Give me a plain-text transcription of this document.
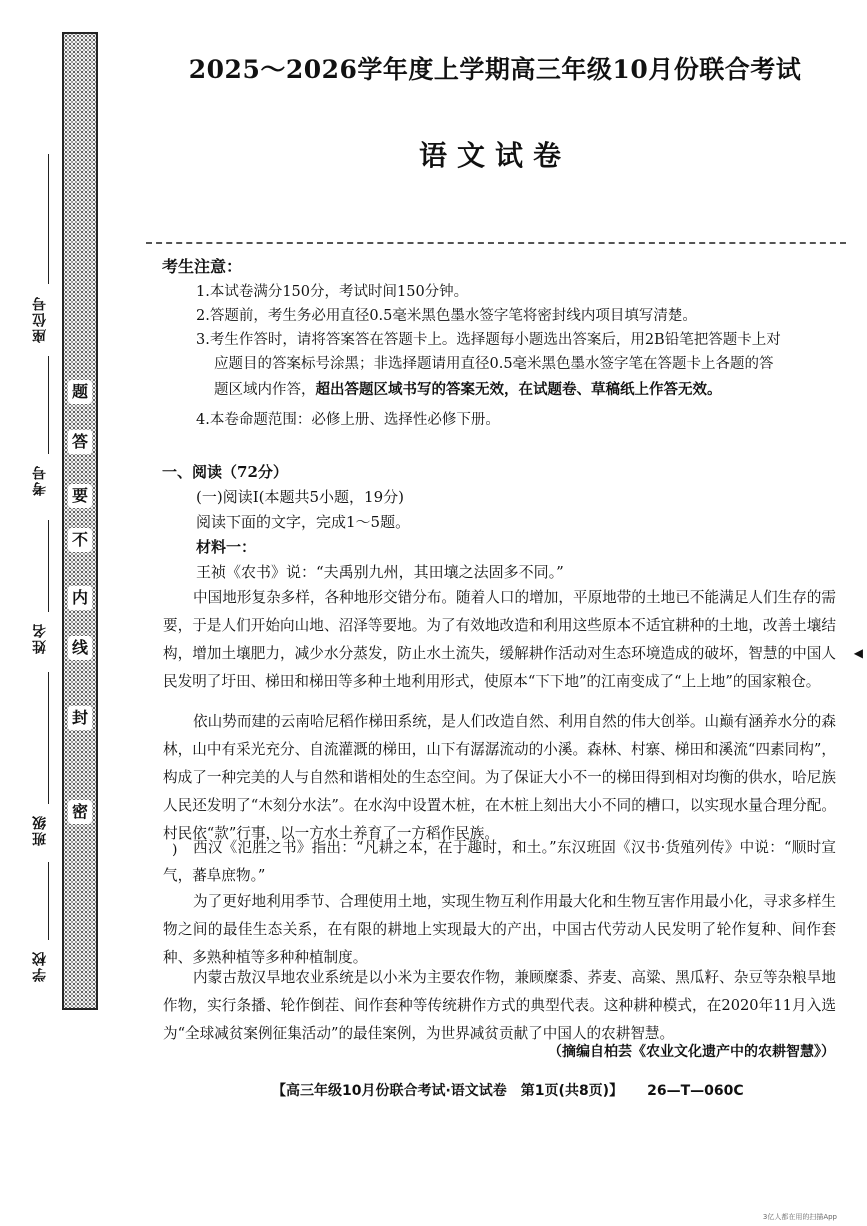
密
封
线
内
不
要
答
题
座位号
考号
姓名
班级
学校
2025～2026学年度上学期高三年级10月份联合考试
语文试卷
考生注意：
1.本试卷满分150分，考试时间150分钟。
2.答题前，考生务必用直径0.5毫米黑色墨水签字笔将密封线内项目填写清楚。
3.考生作答时，请将答案答在答题卡上。选择题每小题选出答案后，用2B铅笔把答题卡上对
应题目的答案标号涂黑；非选择题请用直径0.5毫米黑色墨水签字笔在答题卡上各题的答
题区域内作答，超出答题区域书写的答案无效，在试题卷、草稿纸上作答无效。
4.本卷命题范围：必修上册、选择性必修下册。
一、阅读（72分）
(一)阅读Ⅰ(本题共5小题，19分)
阅读下面的文字，完成1～5题。
材料一：
王祯《农书》说：“夫禹别九州，其田壤之法固多不同。”
中国地形复杂多样，各种地形交错分布。随着人口的增加，平原地带的土地已不能满足人们生存的需要，于是人们开始向山地、沼泽等要地。为了有效地改造和利用这些原本不适宜耕种的土地，改善土壤结构，增加土壤肥力，减少水分蒸发，防止水土流失，缓解耕作活动对生态环境造成的破坏，智慧的中国人民发明了圩田、梯田和梯田等多种土地利用形式，使原本“下下地”的江南变成了“上上地”的国家粮仓。
依山势而建的云南哈尼稻作梯田系统，是人们改造自然、利用自然的伟大创举。山巅有涵养水分的森林，山中有采光充分、自流灌溉的梯田，山下有潺潺流动的小溪。森林、村寨、梯田和溪流“四素同构”，构成了一种完美的人与自然和谐相处的生态空间。为了保证大小不一的梯田得到相对均衡的供水，哈尼族人民还发明了“木刻分水法”。在水沟中设置木桩，在木桩上刻出大小不同的槽口，以实现水量合理分配。村民依“款”行事，以一方水土养育了一方稻作民族。
西汉《氾胜之书》指出：“凡耕之本，在于趣时，和土。”东汉班固《汉书·货殖列传》中说：“顺时宣气，蕃阜庶物。”
为了更好地利用季节、合理使用土地，实现生物互利作用最大化和生物互害作用最小化，寻求多样生物之间的最佳生态关系，在有限的耕地上实现最大的产出，中国古代劳动人民发明了轮作复种、间作套种、多熟种植等多种种植制度。
内蒙古敖汉旱地农业系统是以小米为主要农作物，兼顾糜黍、荞麦、高粱、黑瓜籽、杂豆等杂粮旱地作物，实行条播、轮作倒茬、间作套种等传统耕作方式的典型代表。这种耕种模式，在2020年11月入选为“全球减贫案例征集活动”的最佳案例，为世界减贫贡献了中国人的农耕智慧。
（摘编自柏芸《农业文化遗产中的农耕智慧》）
【高三年级10月份联合考试·语文试卷　第1页(共8页)】 26—T—060C
◀
)
3亿人都在用的扫描App
